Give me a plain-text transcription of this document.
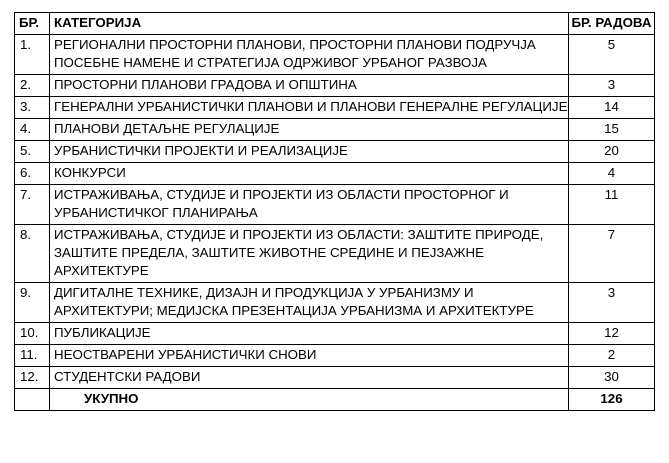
БР.	КАТЕГОРИЈА	БР. РАДОВА
1.	РЕГИОНАЛНИ ПРОСТОРНИ ПЛАНОВИ, ПРОСТОРНИ ПЛАНОВИ ПОДРУЧЈА
ПОСЕБНЕ НАМЕНЕ И СТРАТЕГИЈА ОДРЖИВОГ УРБАНОГ РАЗВОЈА	5
2.	ПРОСТОРНИ ПЛАНОВИ ГРАДОВА И ОПШТИНА	3
3.	ГЕНЕРАЛНИ УРБАНИСТИЧКИ ПЛАНОВИ И ПЛАНОВИ ГЕНЕРАЛНЕ РЕГУЛАЦИЈЕ	14
4.	ПЛАНОВИ ДЕТАЉНЕ РЕГУЛАЦИЈЕ	15
5.	УРБАНИСТИЧКИ ПРОЈЕКТИ И РЕАЛИЗАЦИЈЕ	20
6.	КОНКУРСИ	4
7.	ИСТРАЖИВАЊА, СТУДИЈЕ И ПРОЈЕКТИ ИЗ ОБЛАСТИ ПРОСТОРНОГ И
УРБАНИСТИЧКОГ ПЛАНИРАЊА	11
8.	ИСТРАЖИВАЊА, СТУДИЈЕ И ПРОЈЕКТИ ИЗ ОБЛАСТИ: ЗАШТИТЕ ПРИРОДЕ,
ЗАШТИТЕ ПРЕДЕЛА, ЗАШТИТЕ ЖИВОТНЕ СРЕДИНЕ И ПЕЈЗАЖНЕ
АРХИТЕКТУРЕ	7
9.	ДИГИТАЛНЕ ТЕХНИКЕ, ДИЗАЈН И ПРОДУКЦИЈА У УРБАНИЗМУ И
АРХИТЕКТУРИ; МЕДИЈСКА ПРЕЗЕНТАЦИЈА УРБАНИЗМА И АРХИТЕКТУРЕ	3
10.	ПУБЛИКАЦИЈЕ	12
11.	НЕОСТВАРЕНИ УРБАНИСТИЧКИ СНОВИ	2
12.	СТУДЕНТСКИ РАДОВИ	30
	УКУПНО	126
